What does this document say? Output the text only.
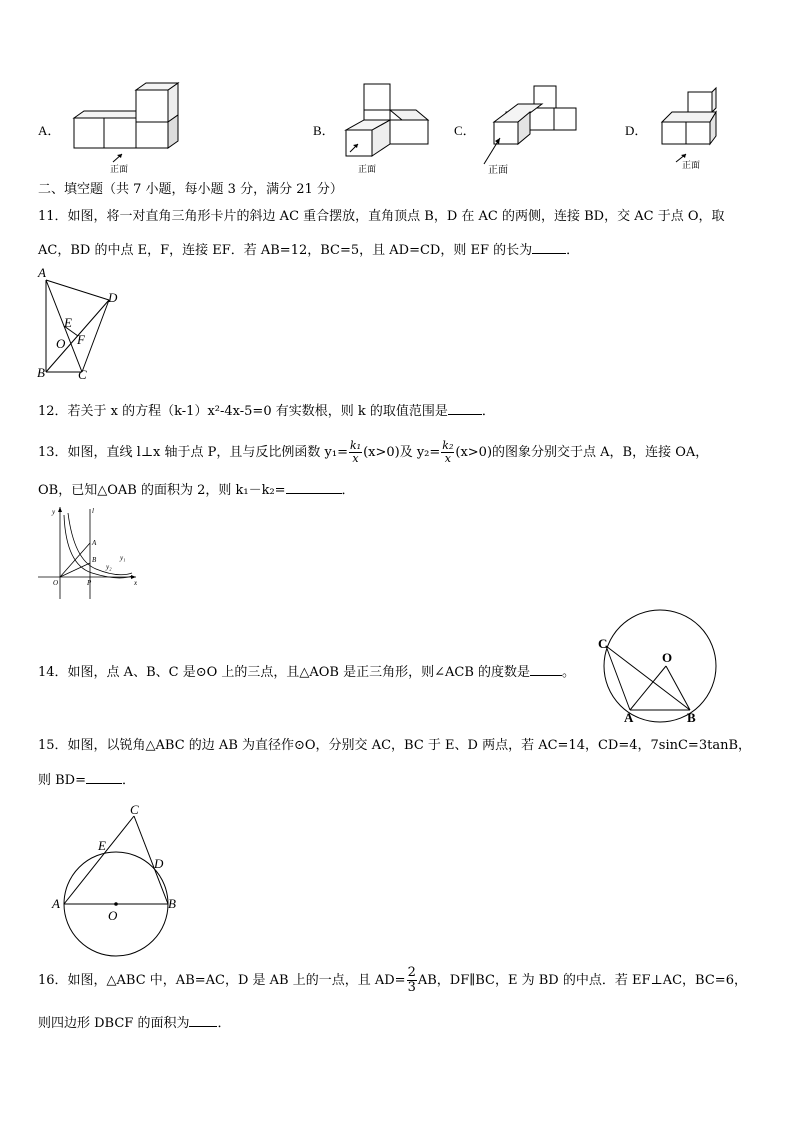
A．
正面
B．
正面
C．
正面
D．
正面
二、填空题（共 7 小题，每小题 3 分，满分 21 分）
11．如图，将一对直角三角形卡片的斜边 AC 重合摆放，直角顶点 B，D 在 AC 的两侧，连接 BD，交 AC 于点 O，取
AC，BD 的中点 E，F，连接 EF．若 AB=12，BC=5，且 AD=CD，则 EF 的长为	．
A
D
E
O F
B	C
12．若关于 x 的方程（k-1）x²-4x-5=0 有实数根，则 k 的取值范围是	．
13．如图，直线 l⊥x 轴于点 P，且与反比例函数 $y_1= \frac{\text{k₁}}{x} (x>0)$及 $y_2= \frac{\text{k₂}}{x} (x>0)$的图象分别交于点 A，B，连接 OA，
OB，已知△OAB 的面积为 2，则 k₁－k₂=	．
y	l
A
B	y₁
y₂
O	P	x
14．如图，点 A、B、C 是⊙O 上的三点，且△AOB 是正三角形，则∠ACB 的度数是 。
C
O
A	B
15．如图，以锐角△ABC 的边 AB 为直径作⊙O，分别交 AC，BC 于 E、D 两点，若 AC=14，CD=4，7sinC=3tanB，
则 BD=	．
C
E
D
A
O
B
16．如图，△ABC 中，AB=AC，D 是 AB 上的一点，且 $AD= \frac{2}{3}$ AB，DF∥BC，E 为 BD 的中点．若 EF⊥AC，BC=6，
则四边形 DBCF 的面积为 ．
